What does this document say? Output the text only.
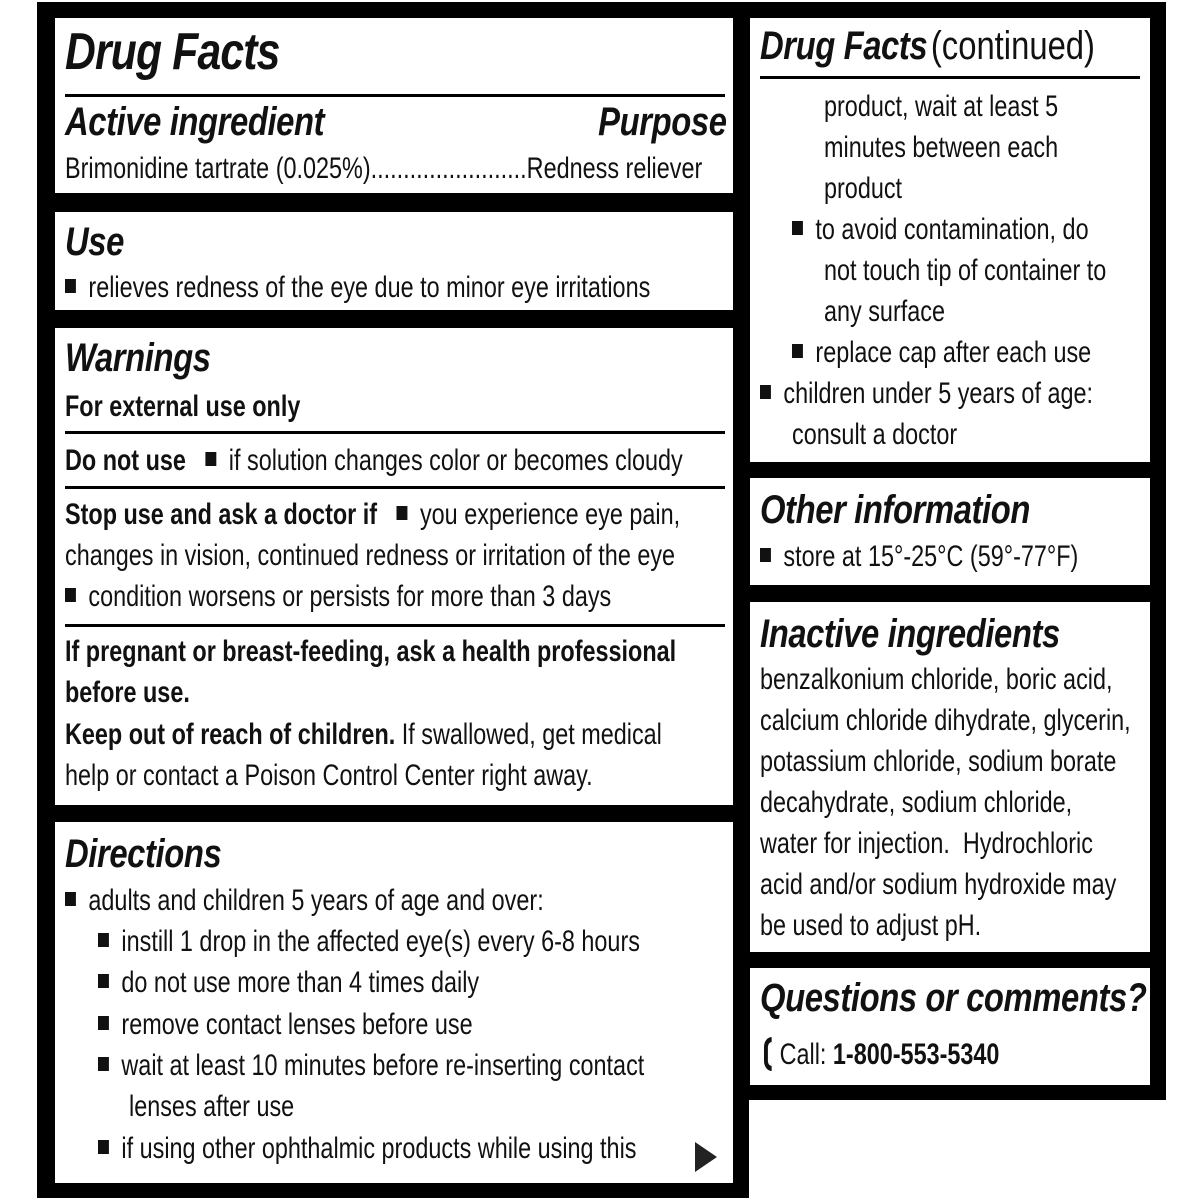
Drug Facts
Active ingredient	Purpose
Brimonidine tartrate (0.025%)........................Redness reliever
Use
relieves redness of the eye due to minor eye irritations
Warnings
For external use only
Do not use if solution changes color or becomes cloudy
Stop use and ask a doctor if you experience eye pain,
changes in vision, continued redness or irritation of the eye
condition worsens or persists for more than 3 days
If pregnant or breast-feeding, ask a health professional
before use.
Keep out of reach of children. If swallowed, get medical
help or contact a Poison Control Center right away.
Directions
adults and children 5 years of age and over:
instill 1 drop in the affected eye(s) every 6-8 hours
do not use more than 4 times daily
remove contact lenses before use
wait at least 10 minutes before re-inserting contact
lenses after use
if using other ophthalmic products while using this
Drug Facts (continued)
product, wait at least 5
minutes between each
product
to avoid contamination, do
not touch tip of container to
any surface
replace cap after each use
children under 5 years of age:
consult a doctor
Other information
store at 15°-25°C (59°-77°F)
Inactive ingredients
benzalkonium chloride, boric acid,
calcium chloride dihydrate, glycerin,
potassium chloride, sodium borate
decahydrate, sodium chloride,
water for injection.  Hydrochloric
acid and/or sodium hydroxide may
be used to adjust pH.
Questions or comments?
Call: 1-800-553-5340
